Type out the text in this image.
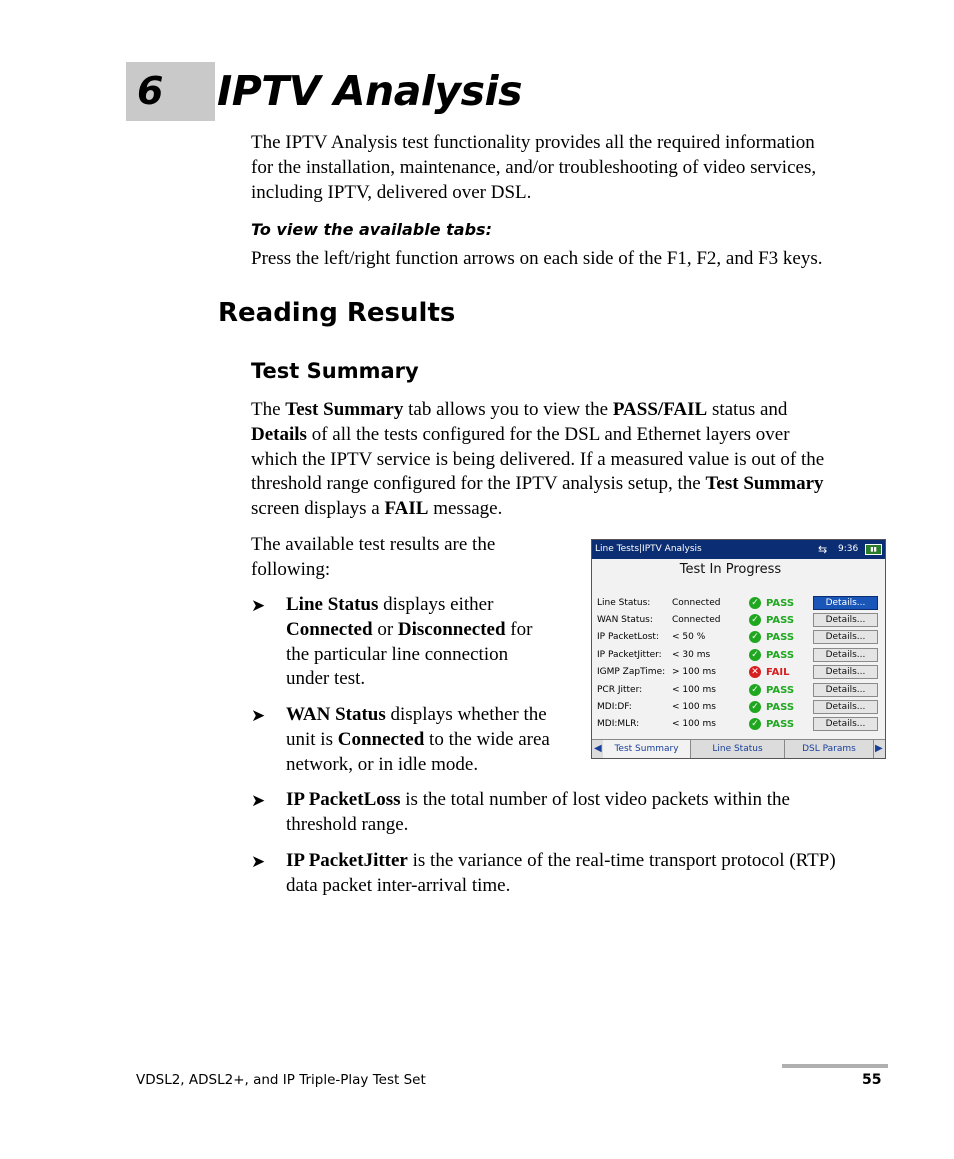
6 IPTV Analysis
The IPTV Analysis test functionality provides all the required information
for the installation, maintenance, and/or troubleshooting of video services,
including IPTV, delivered over DSL.
To view the available tabs:
Press the left/right function arrows on each side of the F1, F2, and F3 keys.
Reading Results
Test Summary
The Test Summary tab allows you to view the PASS/FAIL status and
Details of all the tests configured for the DSL and Ethernet layers over
which the IPTV service is being delivered. If a measured value is out of the
threshold range configured for the IPTV analysis setup, the Test Summary
screen displays a FAIL message.
The available test results are the
following:
➤ Line Status displays either
Connected or Disconnected for
the particular line connection
under test.
➤ WAN Status displays whether the
unit is Connected to the wide area
network, or in idle mode.
➤ IP PacketLoss is the total number of lost video packets within the
threshold range.
➤ IP PacketJitter is the variance of the real-time transport protocol (RTP)
data packet inter-arrival time.
Line Tests|IPTV Analysis	⇆ 9:36	▮▮
Test In Progress
Line Status: Connected	✓ PASS	Details...
WAN Status: Connected	✓ PASS	Details...
IP PacketLost: < 50 %	✓ PASS	Details...
IP PacketJitter: < 30 ms	✓ PASS	Details...
IGMP ZapTime: > 100 ms	✕ FAIL	Details...
PCR Jitter:	< 100 ms	✓ PASS	Details...
MDI:DF:	< 100 ms	✓ PASS	Details...
MDI:MLR:	< 100 ms	✓ PASS	Details...
◀	Test Summary	Line Status	DSL Params	▶
VDSL2, ADSL2+, and IP Triple-Play Test Set	55
